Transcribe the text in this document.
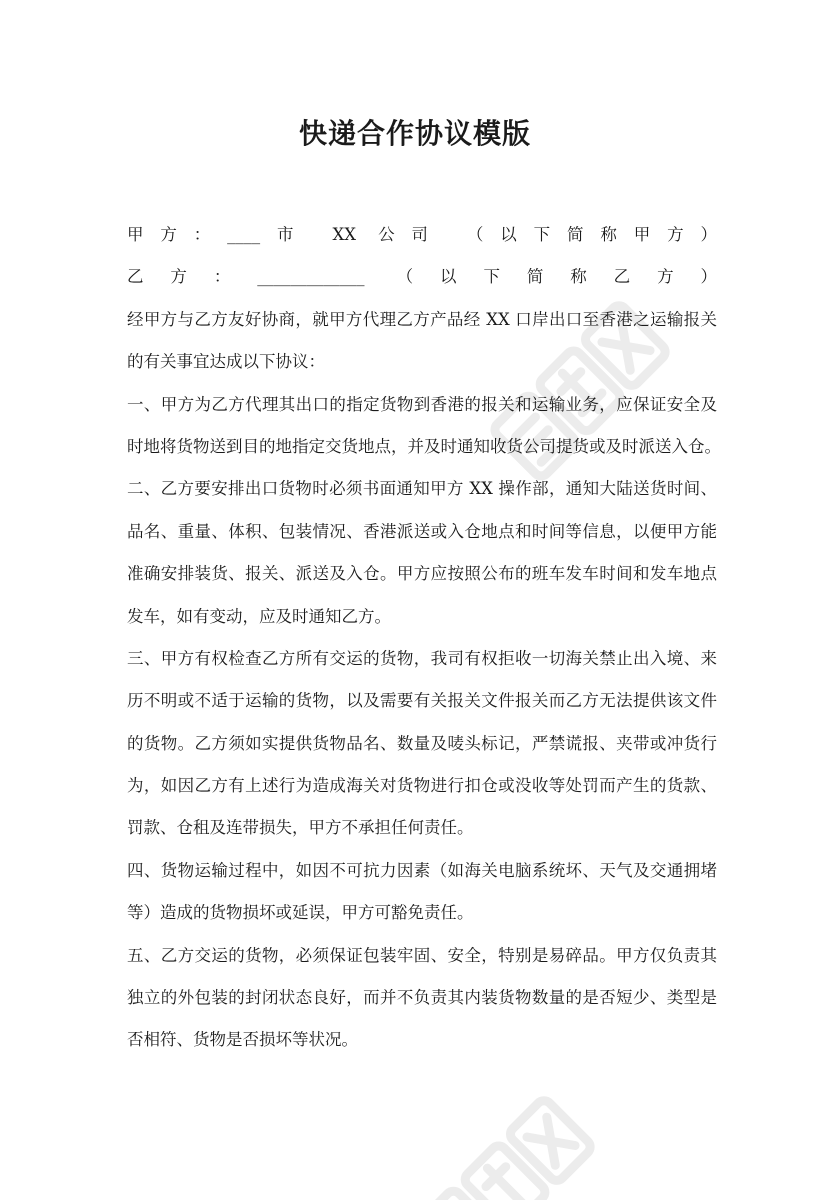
快递合作协议模版
甲方：____市 XX 公司 （以下简称甲方）
乙方：_____________ （以下简称乙方）
经甲方与乙方友好协商，就甲方代理乙方产品经 XX 口岸出口至香港之运输报关
的有关事宜达成以下协议：
一、甲方为乙方代理其出口的指定货物到香港的报关和运输业务，应保证安全及
时地将货物送到目的地指定交货地点，并及时通知收货公司提货或及时派送入仓。
二、乙方要安排出口货物时必须书面通知甲方 XX 操作部，通知大陆送货时间、
品名、重量、体积、包装情况、香港派送或入仓地点和时间等信息，以便甲方能
准确安排装货、报关、派送及入仓。甲方应按照公布的班车发车时间和发车地点
发车，如有变动，应及时通知乙方。
三、甲方有权检查乙方所有交运的货物，我司有权拒收一切海关禁止出入境、来
历不明或不适于运输的货物，以及需要有关报关文件报关而乙方无法提供该文件
的货物。乙方须如实提供货物品名、数量及唛头标记，严禁谎报、夹带或冲货行
为，如因乙方有上述行为造成海关对货物进行扣仓或没收等处罚而产生的货款、
罚款、仓租及连带损失，甲方不承担任何责任。
四、货物运输过程中，如因不可抗力因素（如海关电脑系统坏、天气及交通拥堵
等）造成的货物损坏或延误，甲方可豁免责任。
五、乙方交运的货物，必须保证包装牢固、安全，特别是易碎品。甲方仅负责其
独立的外包装的封闭状态良好，而并不负责其内装货物数量的是否短少、类型是
否相符、货物是否损坏等状况。
